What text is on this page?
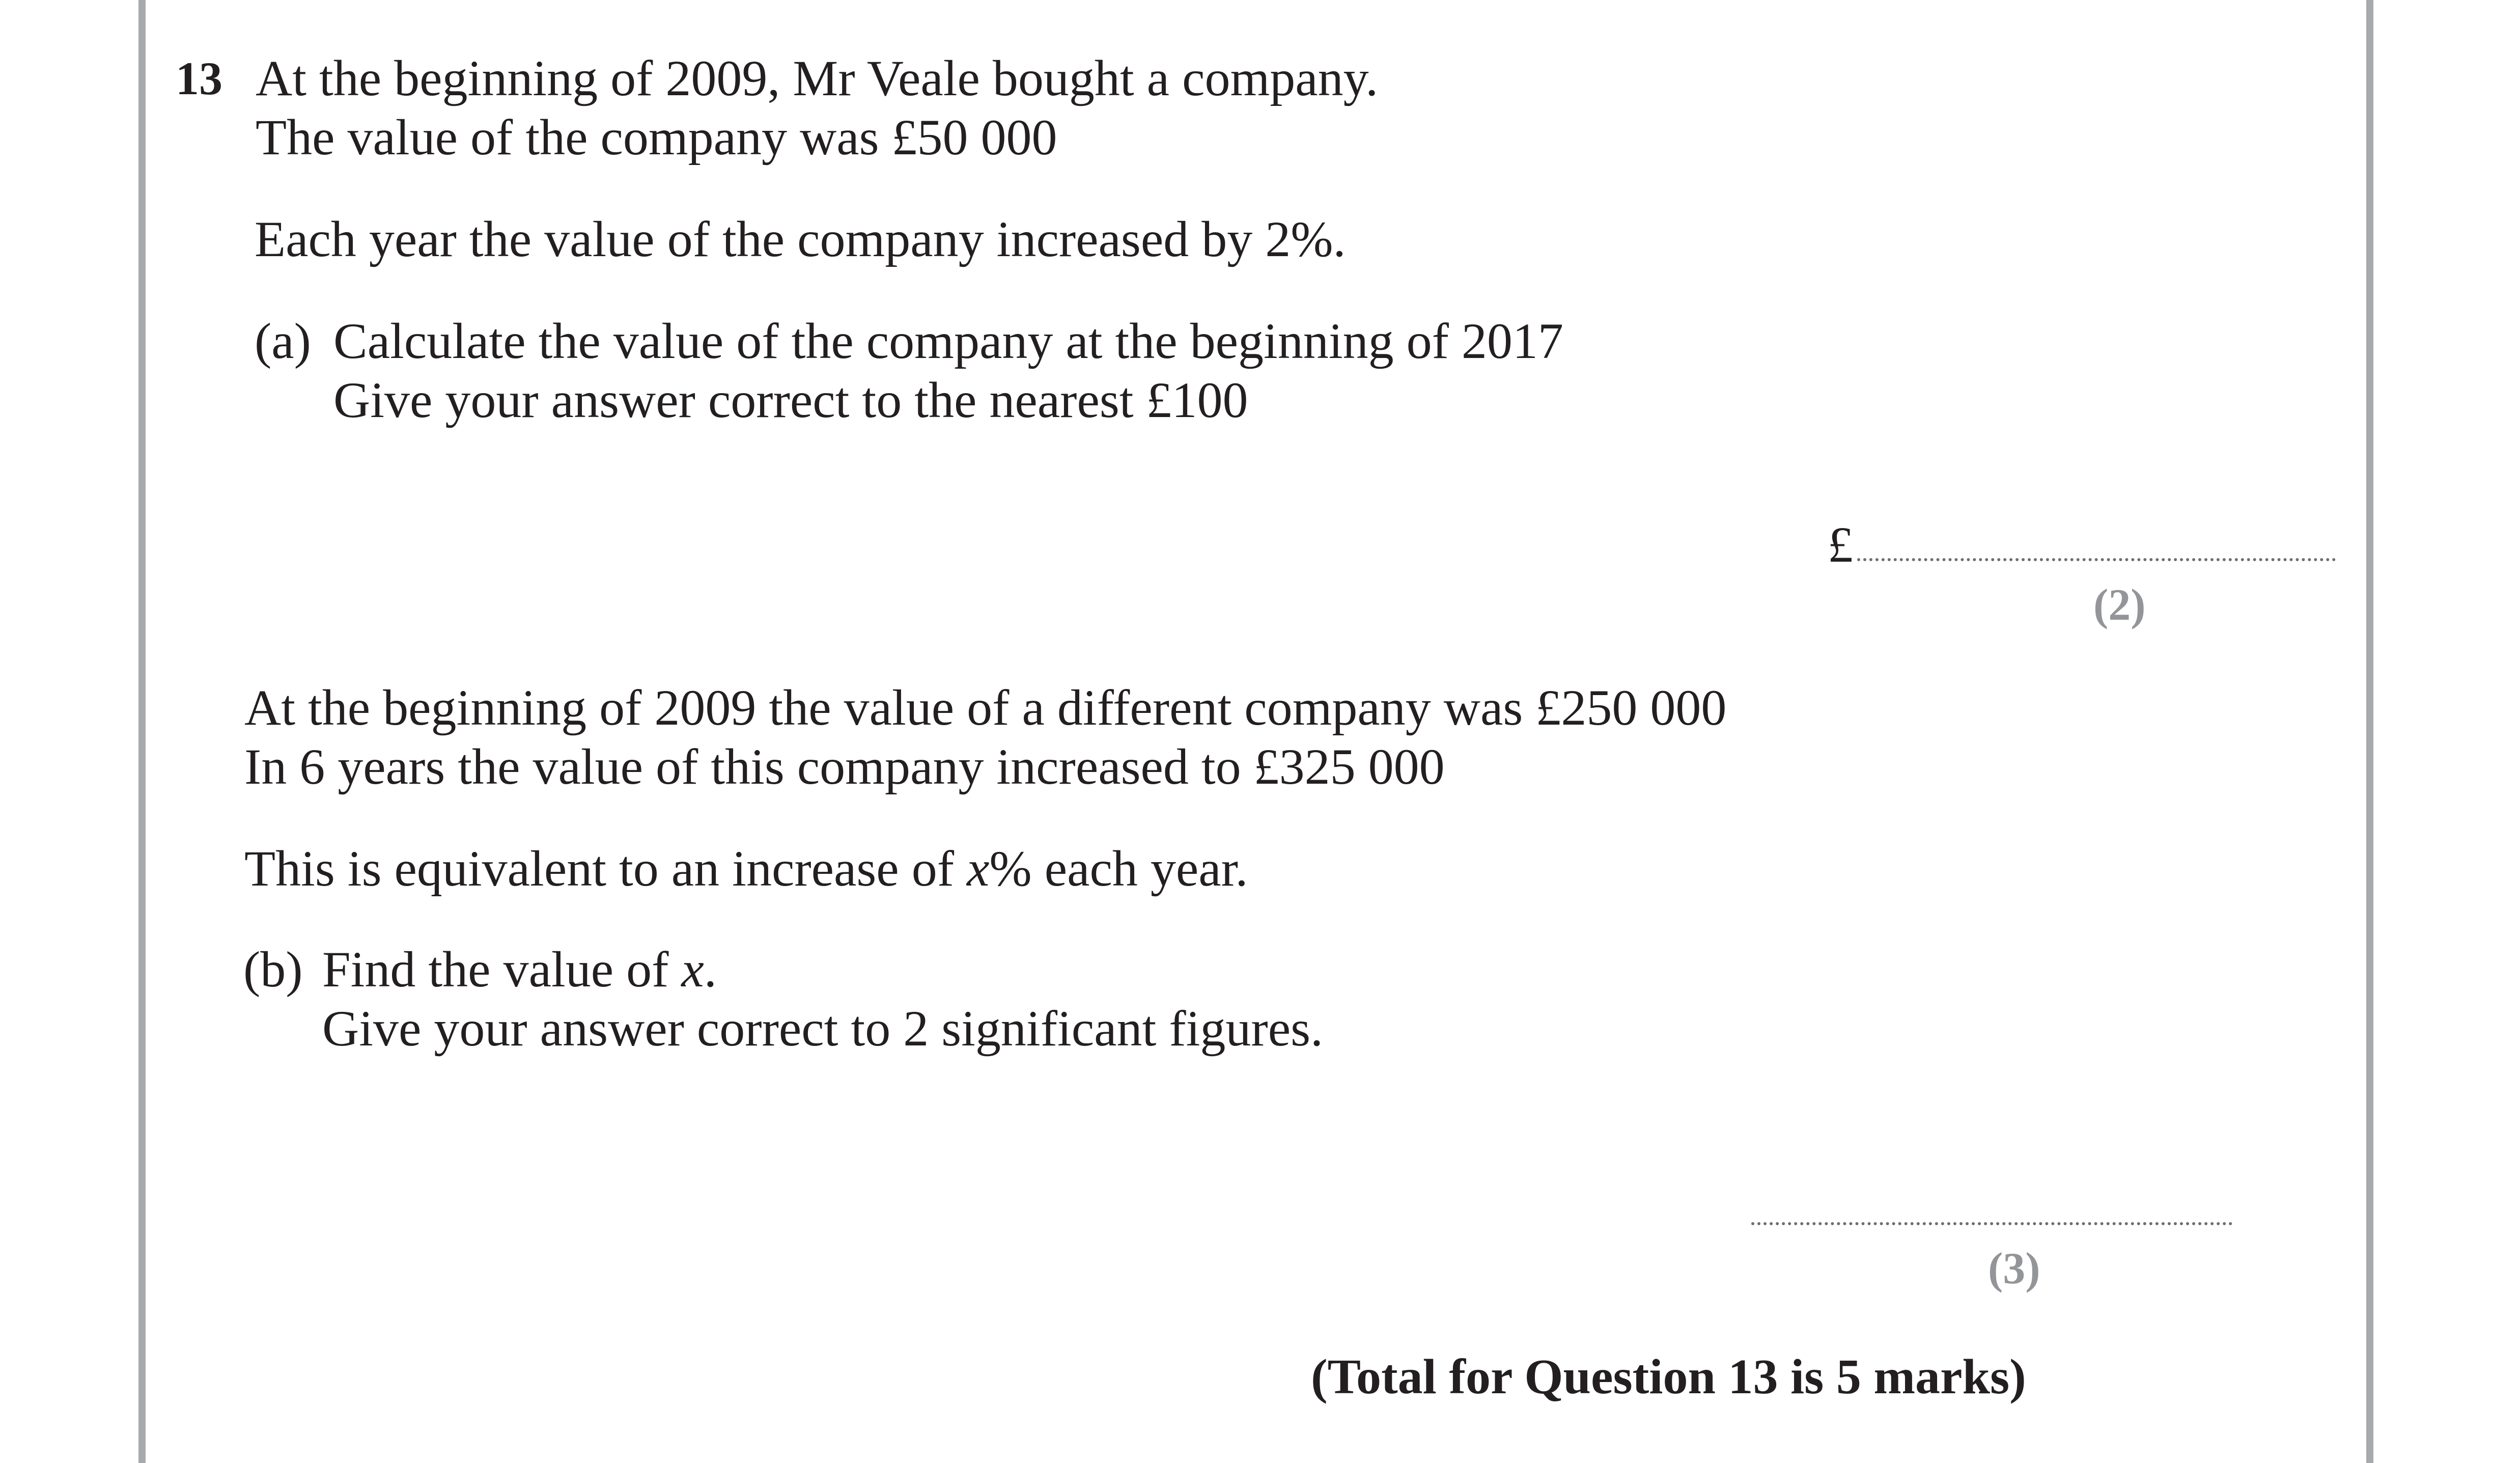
13 At the beginning of 2009, Mr Veale bought a company.
The value of the company was £50 000
Each year the value of the company increased by 2%.
(a) Calculate the value of the company at the beginning of 2017
Give your answer correct to the nearest £100
£
(2)
At the beginning of 2009 the value of a different company was £250 000
In 6 years the value of this company increased to £325 000
This is equivalent to an increase of x% each year.
(b) Find the value of x.
Give your answer correct to 2 significant figures.
(3)
(Total for Question 13 is 5 marks)
